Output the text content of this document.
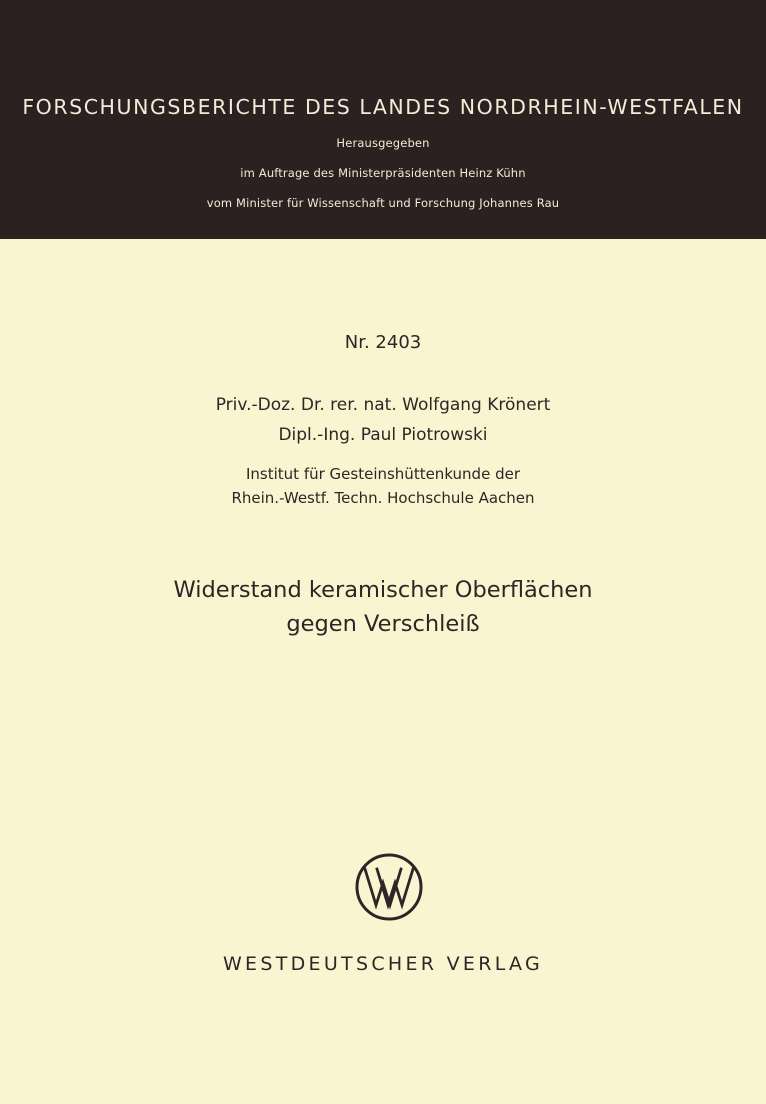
FORSCHUNGSBERICHTE DES LANDES NORDRHEIN-WESTFALEN
Herausgegeben
im Auftrage des Ministerpräsidenten Heinz Kühn
vom Minister für Wissenschaft und Forschung Johannes Rau
Nr. 2403
Priv.-Doz. Dr. rer. nat. Wolfgang Krönert
Dipl.-Ing. Paul Piotrowski
Institut für Gesteinshüttenkunde der
Rhein.-Westf. Techn. Hochschule Aachen
Widerstand keramischer Oberflächen
gegen Verschleiß
WESTDEUTSCHER VERLAG
